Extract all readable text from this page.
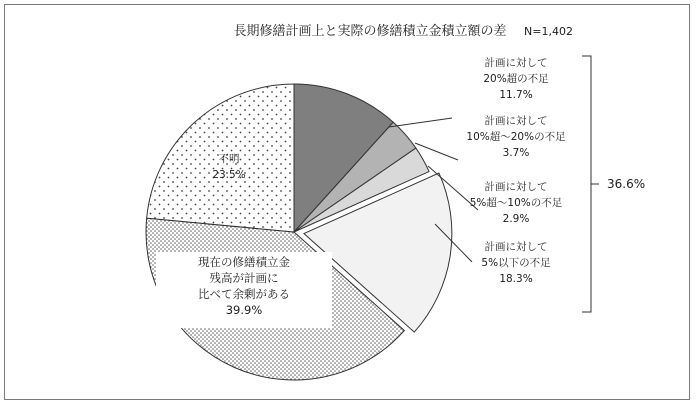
長期修繕計画上と実際の修繕積立金積立額の差 N=1,402
計画に対して
20%超の不足
11.7%
計画に対して
10%超～20%の不足
3.7%
計画に対して
5%超～10%の不足
2.9%
計画に対して
5%以下の不足
18.3%
現在の修繕積立金
残高が計画に
比べて余剰がある
39.9%
不明
23.5%
36.6%
